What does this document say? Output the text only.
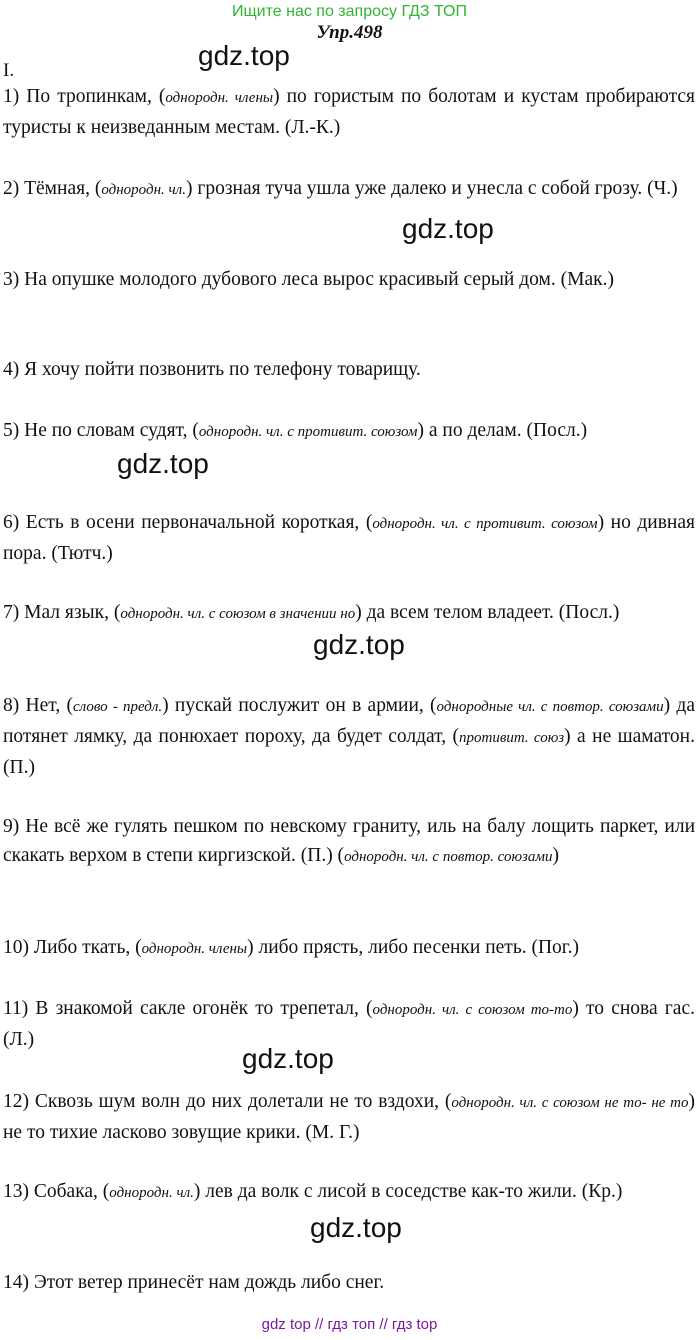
Ищите нас по запросу ГДЗ ТОП
Упр.498
I.	gdz.top
gdz.top
gdz.top
gdz.top
gdz.top
gdz.top
1) По тропинкам, (однородн. члены) по гористым по болотам и кустам пробираются туристы к неизведанным местам. (Л.-К.)
2) Тёмная, (однородн. чл.) грозная туча ушла уже далеко и унесла с собой грозу. (Ч.)
3) На опушке молодого дубового леса вырос красивый серый дом. (Мак.)
4) Я хочу пойти позвонить по телефону товарищу.
5) Не по словам судят, (однородн. чл. с противит. союзом) а по делам. (Посл.)
6) Есть в осени первоначальной короткая, (однородн. чл. с противит. союзом) но дивная пора. (Тютч.)
7) Мал язык, (однородн. чл. с союзом в значении но) да всем телом владеет. (Посл.)
8) Нет, (слово - предл.) пускай послужит он в армии, (однородные чл. с повтор. союзами) да потянет лямку, да понюхает пороху, да будет солдат, (противит. союз) а не шаматон. (П.)
9) Не всё же гулять пешком по невскому граниту, иль на балу лощить паркет, или скакать верхом в степи киргизской. (П.) (однородн. чл. с повтор. союзами)
10) Либо ткать, (однородн. члены) либо прясть, либо песенки петь. (Пог.)
11) В знакомой сакле огонёк то трепетал, (однородн. чл. с союзом то-то) то снова гас. (Л.)
12) Сквозь шум волн до них долетали не то вздохи, (однородн. чл. с союзом не то- не то) не то тихие ласково зовущие крики. (М. Г.)
13) Собака, (однородн. чл.) лев да волк с лисой в соседстве как-то жили. (Кр.)
14) Этот ветер принесёт нам дождь либо снег.
gdz top // гдз топ // гдз top
